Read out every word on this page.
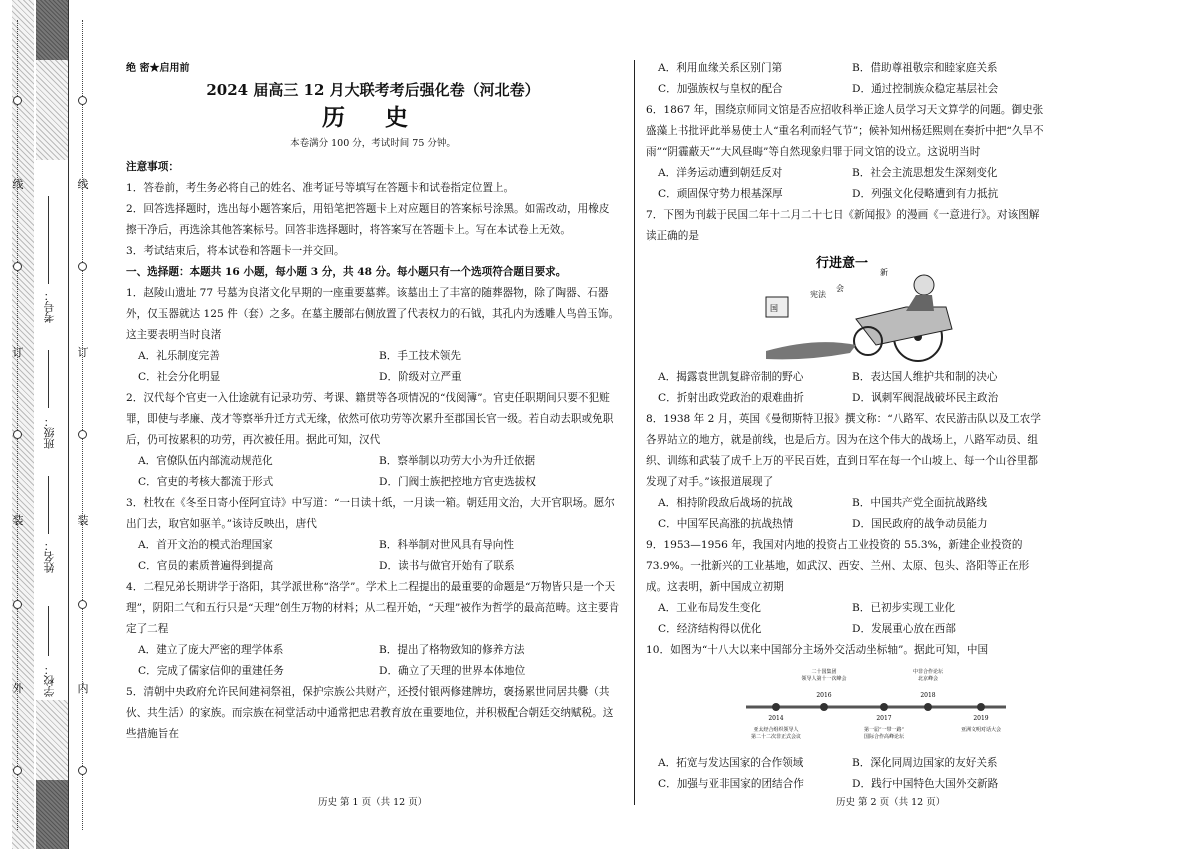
线
订
装
外
线
订
装
内
学校：
姓名：
班级：
考号：

绝 密★启用前

2024 届高三 12 月大联考考后强化卷（河北卷）
历 史
本卷满分 100 分，考试时间 75 分钟。

注意事项：

1．答卷前，考生务必将自己的姓名、准考证号等填写在答题卡和试卷指定位置上。

2．回答选择题时，选出每小题答案后，用铅笔把答题卡上对应题目的答案标号涂黑。如需改动，用橡皮擦干净后，再选涂其他答案标号。回答非选择题时，将答案写在答题卡上。写在本试卷上无效。

3．考试结束后，将本试卷和答题卡一并交回。

一、选择题：本题共 16 小题，每小题 3 分，共 48 分。每小题只有一个选项符合题目要求。

1．赵陵山遗址 77 号墓为良渚文化早期的一座重要墓葬。该墓出土了丰富的随葬器物，除了陶器、石器外，仅玉器就达 125 件（套）之多。在墓主腰部右侧放置了代表权力的石钺，其孔内为透雕人鸟兽玉饰。这主要表明当时良渚

A．礼乐制度完善	B．手工技术领先
C．社会分化明显	D．阶级对立严重

2．汉代每个官吏一入仕途就有记录功劳、考课、籍贯等各项情况的“伐阅簿”。官吏任职期间只要不犯赃罪，即使与孝廉、茂才等察举升迁方式无缘，依然可依功劳等次累升至郡国长官一级。若自动去职或免职后，仍可按累积的功劳，再次被任用。据此可知，汉代

A．官僚队伍内部流动规范化	B．察举制以功劳大小为升迁依据
C．官吏的考核大都流于形式	D．门阀士族把控地方官吏选拔权

3．杜牧在《冬至日寄小侄阿宜诗》中写道：“一日读十纸，一月读一箱。朝廷用文治，大开官职场。愿尔出门去，取官如驱羊。”该诗反映出，唐代

A．首开文治的模式治理国家	B．科举制对世风具有导向性
C．官员的素质普遍得到提高	D．读书与做官开始有了联系

4．二程兄弟长期讲学于洛阳，其学派世称“洛学”。学术上二程提出的最重要的命题是“万物皆只是一个天理”，阴阳二气和五行只是“天理”创生万物的材料；从二程开始，“天理”被作为哲学的最高范畴。这主要肯定了二程

A．建立了庞大严密的理学体系	B．提出了格物致知的修养方法
C．完成了儒家信仰的重建任务	D．确立了天理的世界本体地位

5．清朝中央政府允许民间建祠祭祖，保护宗族公共财产，还授付银两修建牌坊，褒扬累世同居共爨（共伙、共生活）的家族。而宗族在祠堂活动中通常把忠君教育放在重要地位，并积极配合朝廷交纳赋税。这些措施旨在

A．利用血缘关系区别门第	B．借助尊祖敬宗和睦家庭关系
C．加强族权与皇权的配合	D．通过控制族众稳定基层社会

6．1867 年，围绕京师同文馆是否应招收科举正途人员学习天文算学的问题。御史张盛藻上书批评此举易使士人“重名利而轻气节”；候补知州杨廷熙则在奏折中把“久旱不雨”“阴霾蔽天”“大风昼晦”等自然现象归罪于同文馆的设立。这说明当时

A．洋务运动遭到朝廷反对	B．社会主流思想发生深刻变化
C．顽固保守势力根基深厚	D．列强文化侵略遭到有力抵抗

7．下图为刊载于民国二年十二月二十七日《新闻报》的漫画《一意进行》。对该图解读正确的是

行进意一
国
宪法
会
新
A．揭露袁世凯复辟帝制的野心	B．表达国人维护共和制的决心
C．折射出政党政治的艰难曲折	D．讽刺军阀混战破坏民主政治

8．1938 年 2 月，英国《曼彻斯特卫报》撰文称：“八路军、农民游击队以及工农学各界站立的地方，就是前线，也是后方。因为在这个伟大的战场上，八路军动员、组织、训练和武装了成千上万的平民百姓，直到日军在每一个山坡上、每一个山谷里都发现了对手。”该报道展现了

A．相持阶段敌后战场的抗战	B．中国共产党全面抗战路线
C．中国军民高涨的抗战热情	D．国民政府的战争动员能力

9．1953—1956 年，我国对内地的投资占工业投资的 55.3%，新建企业投资的 73.9%。一批新兴的工业基地，如武汉、西安、兰州、太原、包头、洛阳等正在形成。这表明，新中国成立初期

A．工业布局发生变化	B．已初步实现工业化
C．经济结构得以优化	D．发展重心放在西部

10．如图为“十八大以来中国部分主场外交活动坐标轴”。据此可知，中国

2014
2016
2017
2018
2019
二十国集团
领导人第十一次峰会
中非合作论坛
北京峰会
亚太经合组织领导人
第二十二次非正式会议
第一届“一带一路”
国际合作高峰论坛
亚洲文明对话大会
A．拓宽与发达国家的合作领域	B．深化同周边国家的友好关系
C．加强与亚非国家的团结合作	D．践行中国特色大国外交新路
历史 第 1 页（共 12 页）	历史 第 2 页（共 12 页）
